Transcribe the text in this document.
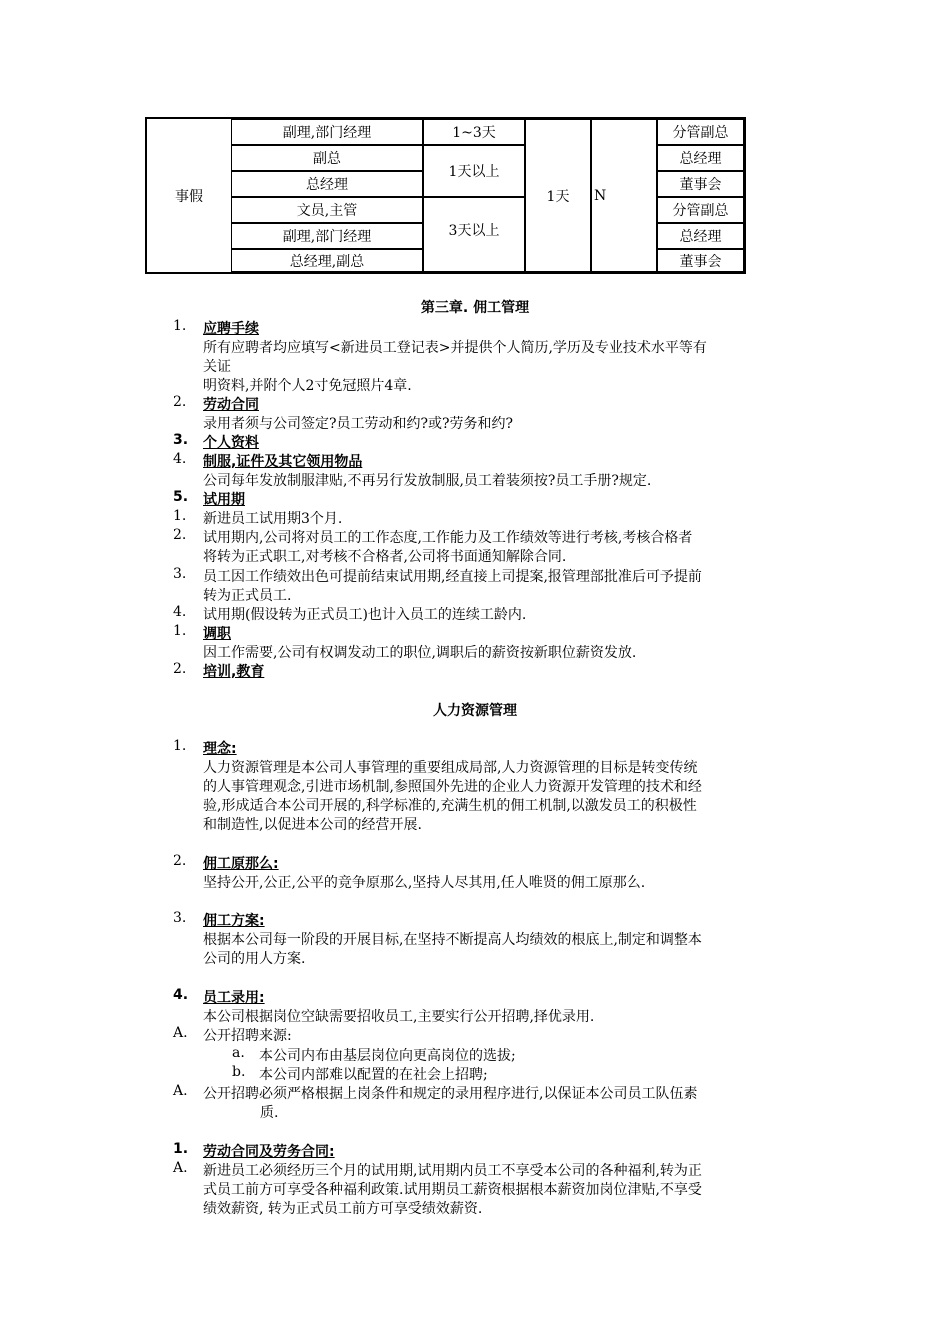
事假
副理,部门经理
副总
总经理
文员,主管
副理,部门经理
总经理,副总
1~3天
1天以上
3天以上
1天	N
分管副总
总经理
董事会
分管副总
总经理
董事会
第三章. 佣工管理
1. 应聘手续
所有应聘者均应填写<新进员工登记表>并提供个人简历,学历及专业技术水平等有
关证
明资料,并附个人2寸免冠照片4章.
2. 劳动合同
录用者须与公司签定?员工劳动和约?或?劳务和约?
3. 个人资料
4. 制服,证件及其它领用物品
公司每年发放制服津贴,不再另行发放制服,员工着装须按?员工手册?规定.
5. 试用期
1. 新进员工试用期3个月.
2. 试用期内,公司将对员工的工作态度,工作能力及工作绩效等进行考核,考核合格者
将转为正式职工,对考核不合格者,公司将书面通知解除合同.
3. 员工因工作绩效出色可提前结束试用期,经直接上司提案,报管理部批准后可予提前
转为正式员工.
4. 试用期(假设转为正式员工)也计入员工的连续工龄内.
1. 调职
因工作需要,公司有权调发动工的职位,调职后的薪资按新职位薪资发放.
2. 培训,教育
人力资源管理
1. 理念:
人力资源管理是本公司人事管理的重要组成局部,人力资源管理的目标是转变传统
的人事管理观念,引进市场机制,参照国外先进的企业人力资源开发管理的技术和经
验,形成适合本公司开展的,科学标准的,充满生机的佣工机制,以激发员工的积极性
和制造性,以促进本公司的经营开展.
2. 佣工原那么:
坚持公开,公正,公平的竞争原那么,坚持人尽其用,任人唯贤的佣工原那么.
3. 佣工方案:
根据本公司每一阶段的开展目标,在坚持不断提高人均绩效的根底上,制定和调整本
公司的用人方案.
4. 员工录用:
本公司根据岗位空缺需要招收员工,主要实行公开招聘,择优录用.
A. 公开招聘来源:
a. 本公司内布由基层岗位向更高岗位的选拔;
b. 本公司内部难以配置的在社会上招聘;
A. 公开招聘必须严格根据上岗条件和规定的录用程序进行,以保证本公司员工队伍素
质.
1. 劳动合同及劳务合同:
A. 新进员工必须经历三个月的试用期,试用期内员工不享受本公司的各种福利,转为正
式员工前方可享受各种福利政策.试用期员工薪资根据根本薪资加岗位津贴,不享受
绩效薪资, 转为正式员工前方可享受绩效薪资.
